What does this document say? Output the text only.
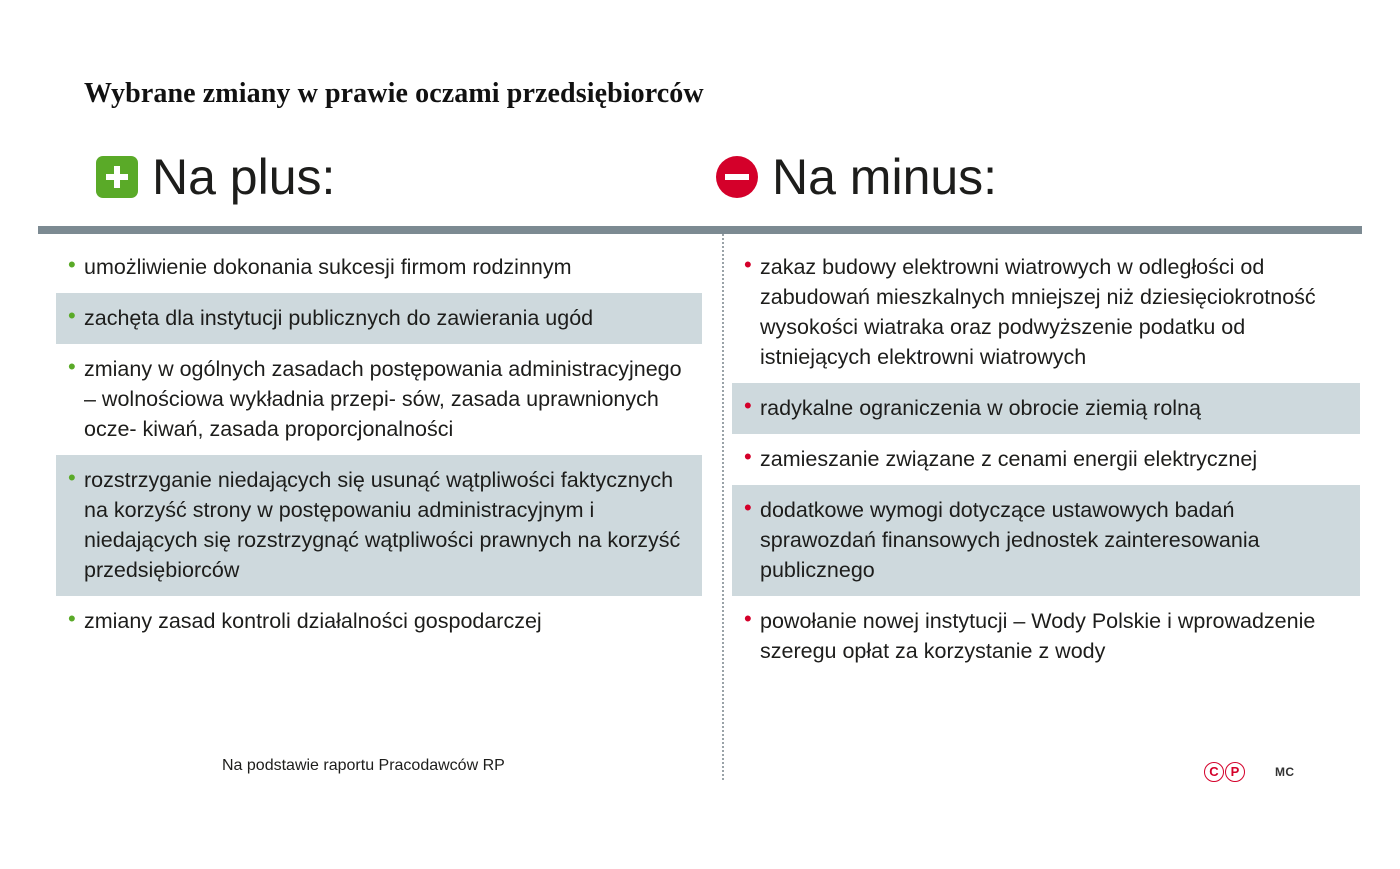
Wybrane zmiany w prawie oczami przedsiębiorców
Na plus:	Na minus:
• umożliwienie dokonania sukcesji firmom rodzinnym
• zachęta dla instytucji publicznych do zawierania ugód
• zmiany w ogólnych zasadach postępowania administracyjnego – wolnościowa wykładnia przepi- sów, zasada uprawnionych ocze- kiwań, zasada proporcjonalności
• rozstrzyganie niedających się usunąć wątpliwości faktycznych na korzyść strony w postępowaniu administracyjnym i niedających się rozstrzygnąć wątpliwości prawnych na korzyść przedsiębiorców
• zmiany zasad kontroli działalności gospodarczej
• zakaz budowy elektrowni wiatrowych w odległości od zabudowań mieszkalnych mniejszej niż dziesięciokrotność wysokości wiatraka oraz podwyższenie podatku od istniejących elektrowni wiatrowych
• radykalne ograniczenia w obrocie ziemią rolną
• zamieszanie związane z cenami energii elektrycznej
• dodatkowe wymogi dotyczące ustawowych badań sprawozdań finansowych jednostek zainteresowania publicznego
• powołanie nowej instytucji – Wody Polskie i wprowadzenie szeregu opłat za korzystanie z wody
Na podstawie raportu Pracodawców RP	C P	MC
